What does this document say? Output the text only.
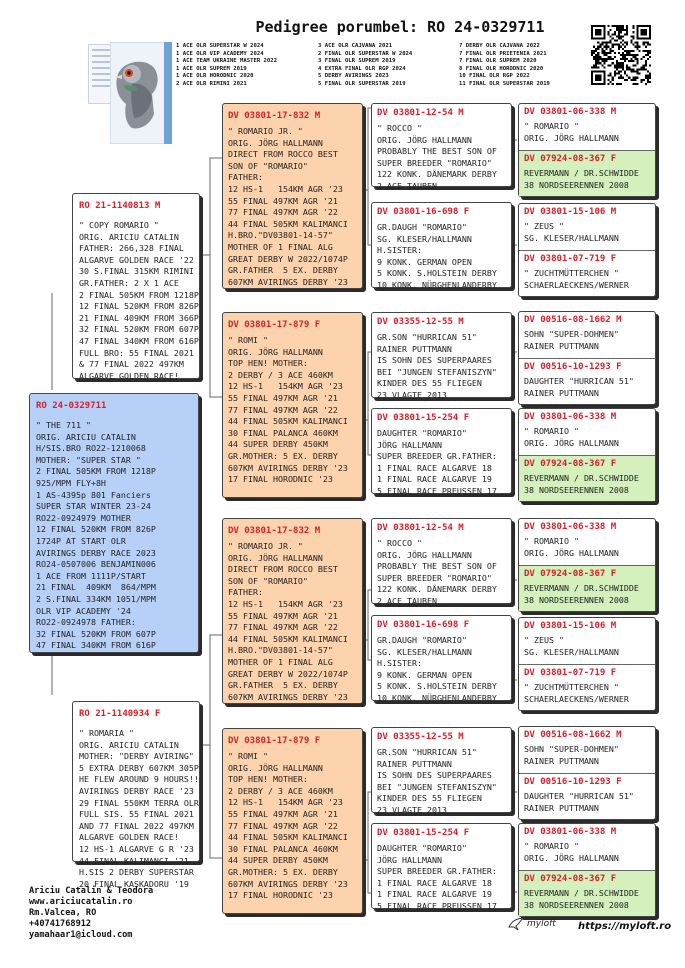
Pedigree porumbel: RO 24-0329711
1 ACE OLR SUPERSTAR W 2024
1 ACE OLR VIP ACADEMY 2024
1 ACE TEAM UKRAINE MASTER 2022
1 ACE OLR SUPREM 2019
1 ACE OLR HORODNIC 2020
2 ACE OLR RIMINI 2021
3 ACE OLR CAJVANA 2021
2 FINAL OLR SUPERSTAR W 2024
3 FINAL OLR SUPREM 2019
4 EXTRA FINAL OLR RGP 2024
5 DERBY AVIRINGS 2023
5 FINAL OLR SUPERSTAR 2019
7 DERBY OLR CAJVANA 2022
7 FINAL OLR PRIETENIA 2021
7 FINAL OLR SUPREM 2020
8 FINAL OLR HORODNIC 2020
10 FINAL OLR RGP 2022
11 FINAL OLR SUPERSTAR 2019
RO 24-0329711
" THE 711 "
ORIG. ARICIU CATALIN
H/SIS.BRO RO22-1210068
MOTHER: "SUPER STAR "
2 FINAL 505KM FROM 1218P
925/MPM FLY+8H
1 AS-4395p 801 Fanciers
SUPER STAR WINTER 23-24
RO22-0924979 MOTHER
12 FINAL 520KM FROM 826P
1724P AT START OLR
AVIRINGS DERBY RACE 2023
RO24-0507006 BENJAMIN006
1 ACE FROM 1111P/START
21 FINAL  409KM  864/MPM
2 S.FINAL 334KM 1051/MPM
OLR VIP ACADEMY '24
RO22-0924978 FATHER:
32 FINAL 520KM FROM 607P
47 FINAL 340KM FROM 616P
RO 21-1140813 M
" COPY ROMARIO "
ORIG. ARICIU CATALIN
FATHER: 266,328 FINAL
ALGARVE GOLDEN RACE '22
30 S.FINAL 315KM RIMINI
GR.FATHER: 2 X 1 ACE
2 FINAL 505KM FROM 1218P
12 FINAL 520KM FROM 826P
21 FINAL 409KM FROM 366P
32 FINAL 520KM FROM 607P
47 FINAL 340KM FROM 616P
FULL BRO: 55 FINAL 2021
& 77 FINAL 2022 497KM
ALGARVE GOLDEN RACE!
RO 21-1140934 F
" ROMARIA "
ORIG. ARICIU CATALIN
MOTHER: "DERBY AVIRING"
5 EXTRA DERBY 607KM 305P
HE FLEW AROUND 9 HOURS!!
AVIRINGS DERBY RACE '23
29 FINAL 550KM TERRA OLR
FULL SIS. 55 FINAL 2021
AND 77 FINAL 2022 497KM
ALGARVE GOLDEN RACE!
12 HS-1 ALGARVE G R '23
44 FINAL KALIMANCI '21
H.SIS 2 DERBY SUPERSTAR
20 FINAL KASKADORU '19
DV 03801-17-832 M
" ROMARIO JR. "
ORIG. JÖRG HALLMANN
DIRECT FROM ROCCO BEST
SON OF "ROMARIO"
FATHER:
12 HS-1   154KM AGR '23
55 FINAL 497KM AGR '21
77 FINAL 497KM AGR '22
44 FINAL 505KM KALIMANCI
H.BRO."DV03801-14-57"
MOTHER OF 1 FINAL ALG
GREAT DERBY W 2022/1074P
GR.FATHER  5 EX. DERBY
607KM AVIRINGS DERBY '23
DV 03801-17-879 F
" ROMI "
ORIG. JÖRG HALLMANN
TOP HEN! MOTHER:
2 DERBY / 3 ACE 460KM
12 HS-1   154KM AGR '23
55 FINAL 497KM AGR '21
77 FINAL 497KM AGR '22
44 FINAL 505KM KALIMANCI
30 FINAL PALANCA 460KM
44 SUPER DERBY 450KM
GR.MOTHER: 5 EX. DERBY
607KM AVIRINGS DERBY '23
17 FINAL HORODNIC '23
DV 03801-17-832 M
" ROMARIO JR. "
ORIG. JÖRG HALLMANN
DIRECT FROM ROCCO BEST
SON OF "ROMARIO"
FATHER:
12 HS-1   154KM AGR '23
55 FINAL 497KM AGR '21
77 FINAL 497KM AGR '22
44 FINAL 505KM KALIMANCI
H.BRO."DV03801-14-57"
MOTHER OF 1 FINAL ALG
GREAT DERBY W 2022/1074P
GR.FATHER  5 EX. DERBY
607KM AVIRINGS DERBY '23
DV 03801-17-879 F
" ROMI "
ORIG. JÖRG HALLMANN
TOP HEN! MOTHER:
2 DERBY / 3 ACE 460KM
12 HS-1   154KM AGR '23
55 FINAL 497KM AGR '21
77 FINAL 497KM AGR '22
44 FINAL 505KM KALIMANCI
30 FINAL PALANCA 460KM
44 SUPER DERBY 450KM
GR.MOTHER: 5 EX. DERBY
607KM AVIRINGS DERBY '23
17 FINAL HORODNIC '23
DV 03801-12-54 M
" ROCCO "
ORIG. JÖRG HALLMANN
PROBABLY THE BEST SON OF
SUPER BREEDER "ROMARIO"
122 KONK. DÄNEMARK DERBY
2 ACE TAUBEN
DV 03801-16-698 F
GR.DAUGH "ROMARIO"
SG. KLESER/HALLMANN
H.SISTER:
9 KONK. GERMAN OPEN
5 KONK. S.HOLSTEIN DERBY
10 KONK. NÜRGHENLANDERBY
DV 03355-12-55 M
GR.SON "HURRICAN 51"
RAINER PUTTMANN
IS SOHN DES SUPERPAARES
BEI "JUNGEN STEFANISZYN"
KINDER DES 55 FLIEGEN
23 VLAGTE 2013
DV 03801-15-254 F
DAUGHTER "ROMARIO"
JÖRG HALLMANN
SUPER BREEDER GR.FATHER:
1 FINAL RACE ALGARVE 18
1 FINAL RACE ALGARVE 19
5 FINAL RACE PREUSSEN 17
DV 03801-12-54 M
" ROCCO "
ORIG. JÖRG HALLMANN
PROBABLY THE BEST SON OF
SUPER BREEDER "ROMARIO"
122 KONK. DÄNEMARK DERBY
2 ACE TAUBEN
DV 03801-16-698 F
GR.DAUGH "ROMARIO"
SG. KLESER/HALLMANN
H.SISTER:
9 KONK. GERMAN OPEN
5 KONK. S.HOLSTEIN DERBY
10 KONK. NÜRGHENLANDERBY
DV 03355-12-55 M
GR.SON "HURRICAN 51"
RAINER PUTTMANN
IS SOHN DES SUPERPAARES
BEI "JUNGEN STEFANISZYN"
KINDER DES 55 FLIEGEN
23 VLAGTE 2013
DV 03801-15-254 F
DAUGHTER "ROMARIO"
JÖRG HALLMANN
SUPER BREEDER GR.FATHER:
1 FINAL RACE ALGARVE 18
1 FINAL RACE ALGARVE 19
5 FINAL RACE PREUSSEN 17
DV 03801-06-338 M
" ROMARIO "
ORIG. JÖRG HALLMANN
DV 07924-08-367 F
REVERMANN / DR.SCHWIDDE
38 NORDSEERENNEN 2008
DV 03801-15-106 M
" ZEUS "
SG. KLESER/HALLMANN
DV 03801-07-719 F
" ZUCHTMÜTTERCHEN "
SCHAERLAECKENS/WERNER
DV 00516-08-1662 M
SOHN "SUPER-DOHMEN"
RAINER PUTTMANN
DV 00516-10-1293 F
DAUGHTER "HURRICAN 51"
RAINER PUTTMANN
DV 03801-06-338 M
" ROMARIO "
ORIG. JÖRG HALLMANN
DV 07924-08-367 F
REVERMANN / DR.SCHWIDDE
38 NORDSEERENNEN 2008
DV 03801-06-338 M
" ROMARIO "
ORIG. JÖRG HALLMANN
DV 07924-08-367 F
REVERMANN / DR.SCHWIDDE
38 NORDSEERENNEN 2008
DV 03801-15-106 M
" ZEUS "
SG. KLESER/HALLMANN
DV 03801-07-719 F
" ZUCHTMÜTTERCHEN "
SCHAERLAECKENS/WERNER
DV 00516-08-1662 M
SOHN "SUPER-DOHMEN"
RAINER PUTTMANN
DV 00516-10-1293 F
DAUGHTER "HURRICAN 51"
RAINER PUTTMANN
DV 03801-06-338 M
" ROMARIO "
ORIG. JÖRG HALLMANN
DV 07924-08-367 F
REVERMANN / DR.SCHWIDDE
38 NORDSEERENNEN 2008
Ariciu Catalin & Teodora
www.ariciucatalin.ro
Rm.Valcea, RO
+40741768912
yamahaar1@icloud.com
myloft https://myloft.ro
